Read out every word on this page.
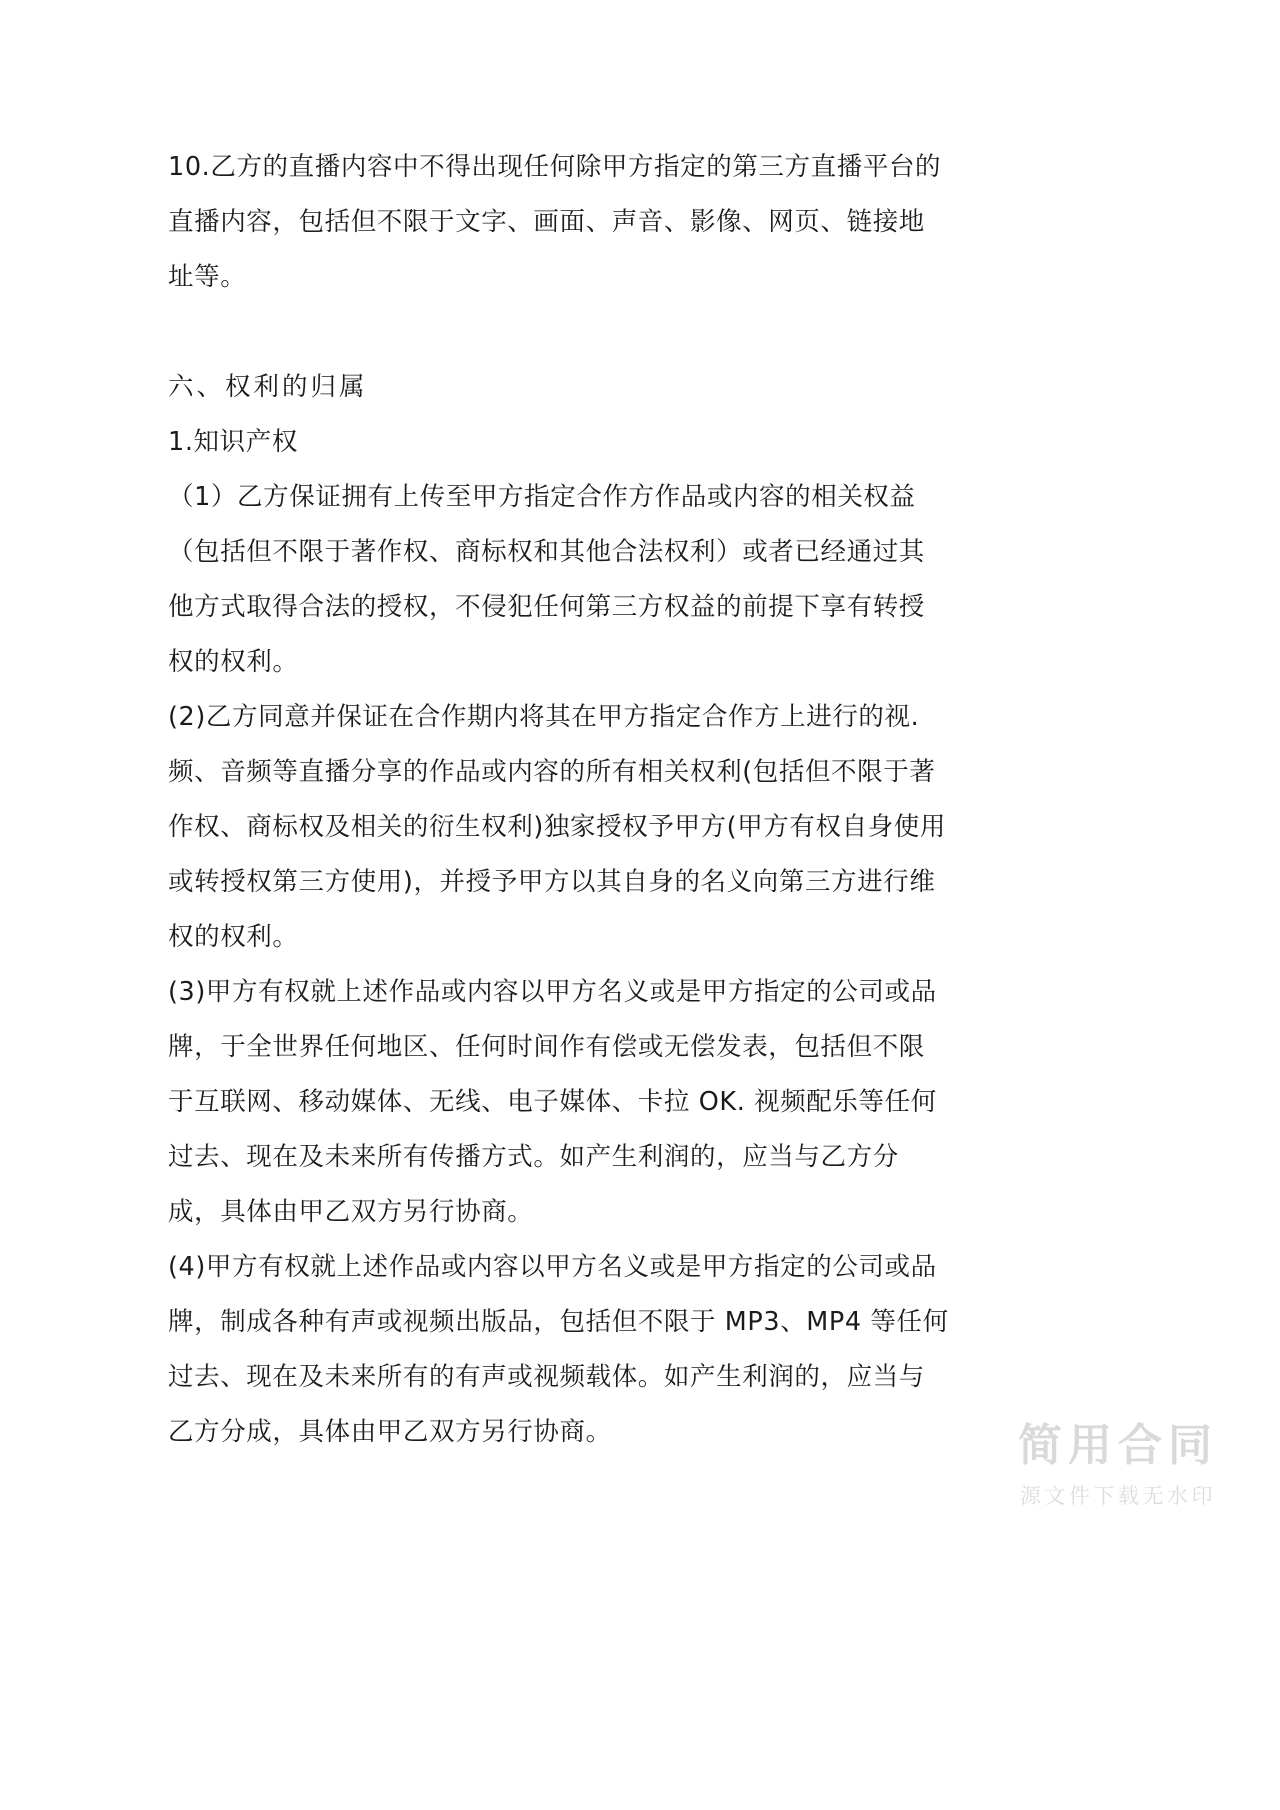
10.乙方的直播内容中不得出现任何除甲方指定的第三方直播平台的
直播内容，包括但不限于文字、画面、声音、影像、网页、链接地
址等。
六、权利的归属
1.知识产权
（1）乙方保证拥有上传至甲方指定合作方作品或内容的相关权益
（包括但不限于著作权、商标权和其他合法权利）或者已经通过其
他方式取得合法的授权，不侵犯任何第三方权益的前提下享有转授
权的权利。
(2)乙方同意并保证在合作期内将其在甲方指定合作方上进行的视.
频、音频等直播分享的作品或内容的所有相关权利(包括但不限于著
作权、商标权及相关的衍生权利)独家授权予甲方(甲方有权自身使用
或转授权第三方使用)，并授予甲方以其自身的名义向第三方进行维
权的权利。
(3)甲方有权就上述作品或内容以甲方名义或是甲方指定的公司或品
牌，于全世界任何地区、任何时间作有偿或无偿发表，包括但不限
于互联网、移动媒体、无线、电子媒体、卡拉 OK. 视频配乐等任何
过去、现在及未来所有传播方式。如产生利润的，应当与乙方分
成，具体由甲乙双方另行协商。
(4)甲方有权就上述作品或内容以甲方名义或是甲方指定的公司或品
牌，制成各种有声或视频出版品，包括但不限于 MP3、MP4 等任何
过去、现在及未来所有的有声或视频载体。如产生利润的，应当与
乙方分成，具体由甲乙双方另行协商。	简用合同
源文件下载无水印
